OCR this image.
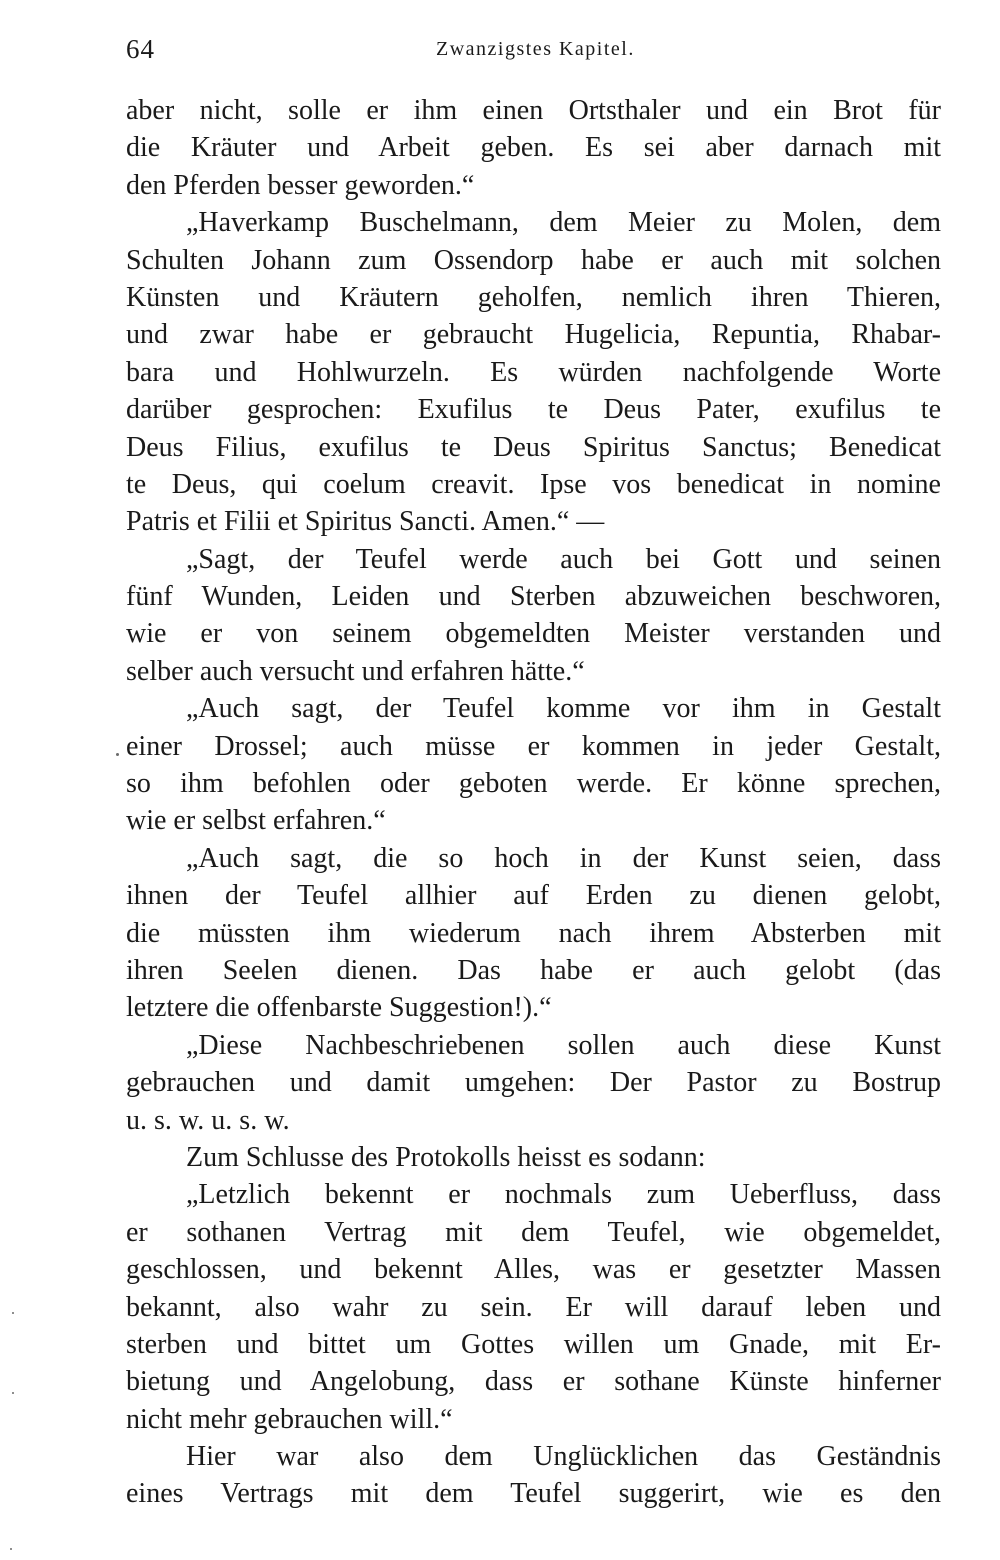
64	Zwanzigstes Kapitel.
aber nicht, solle er ihm einen Ortsthaler und ein Brot für
die Kräuter und Arbeit geben. Es sei aber darnach mit
den Pferden besser geworden.“
„Haverkamp Buschelmann, dem Meier zu Molen, dem
Schulten Johann zum Ossendorp habe er auch mit solchen
Künsten und Kräutern geholfen, nemlich ihren Thieren,
und zwar habe er gebraucht Hugelicia, Repuntia, Rhabar-
bara und Hohlwurzeln. Es würden nachfolgende Worte
darüber gesprochen: Exufilus te Deus Pater, exufilus te
Deus Filius, exufilus te Deus Spiritus Sanctus; Benedicat
te Deus, qui coelum creavit. Ipse vos benedicat in nomine
Patris et Filii et Spiritus Sancti. Amen.“ —
„Sagt, der Teufel werde auch bei Gott und seinen
fünf Wunden, Leiden und Sterben abzuweichen beschworen,
wie er von seinem obgemeldten Meister verstanden und
selber auch versucht und erfahren hätte.“
„Auch sagt, der Teufel komme vor ihm in Gestalt
einer Drossel; auch müsse er kommen in jeder Gestalt,
so ihm befohlen oder geboten werde. Er könne sprechen,
wie er selbst erfahren.“
„Auch sagt, die so hoch in der Kunst seien, dass
ihnen der Teufel allhier auf Erden zu dienen gelobt,
die müssten ihm wiederum nach ihrem Absterben mit
ihren Seelen dienen. Das habe er auch gelobt (das
letztere die offenbarste Suggestion!).“
„Diese Nachbeschriebenen sollen auch diese Kunst
gebrauchen und damit umgehen: Der Pastor zu Bostrup
u. s. w. u. s. w.
Zum Schlusse des Protokolls heisst es sodann:
„Letzlich bekennt er nochmals zum Ueberfluss, dass
er sothanen Vertrag mit dem Teufel, wie obgemeldet,
geschlossen, und bekennt Alles, was er gesetzter Massen
bekannt, also wahr zu sein. Er will darauf leben und
sterben und bittet um Gottes willen um Gnade, mit Er-
bietung und Angelobung, dass er sothane Künste hinferner
nicht mehr gebrauchen will.“
Hier war also dem Unglücklichen das Geständnis
eines Vertrags mit dem Teufel suggerirt, wie es den
